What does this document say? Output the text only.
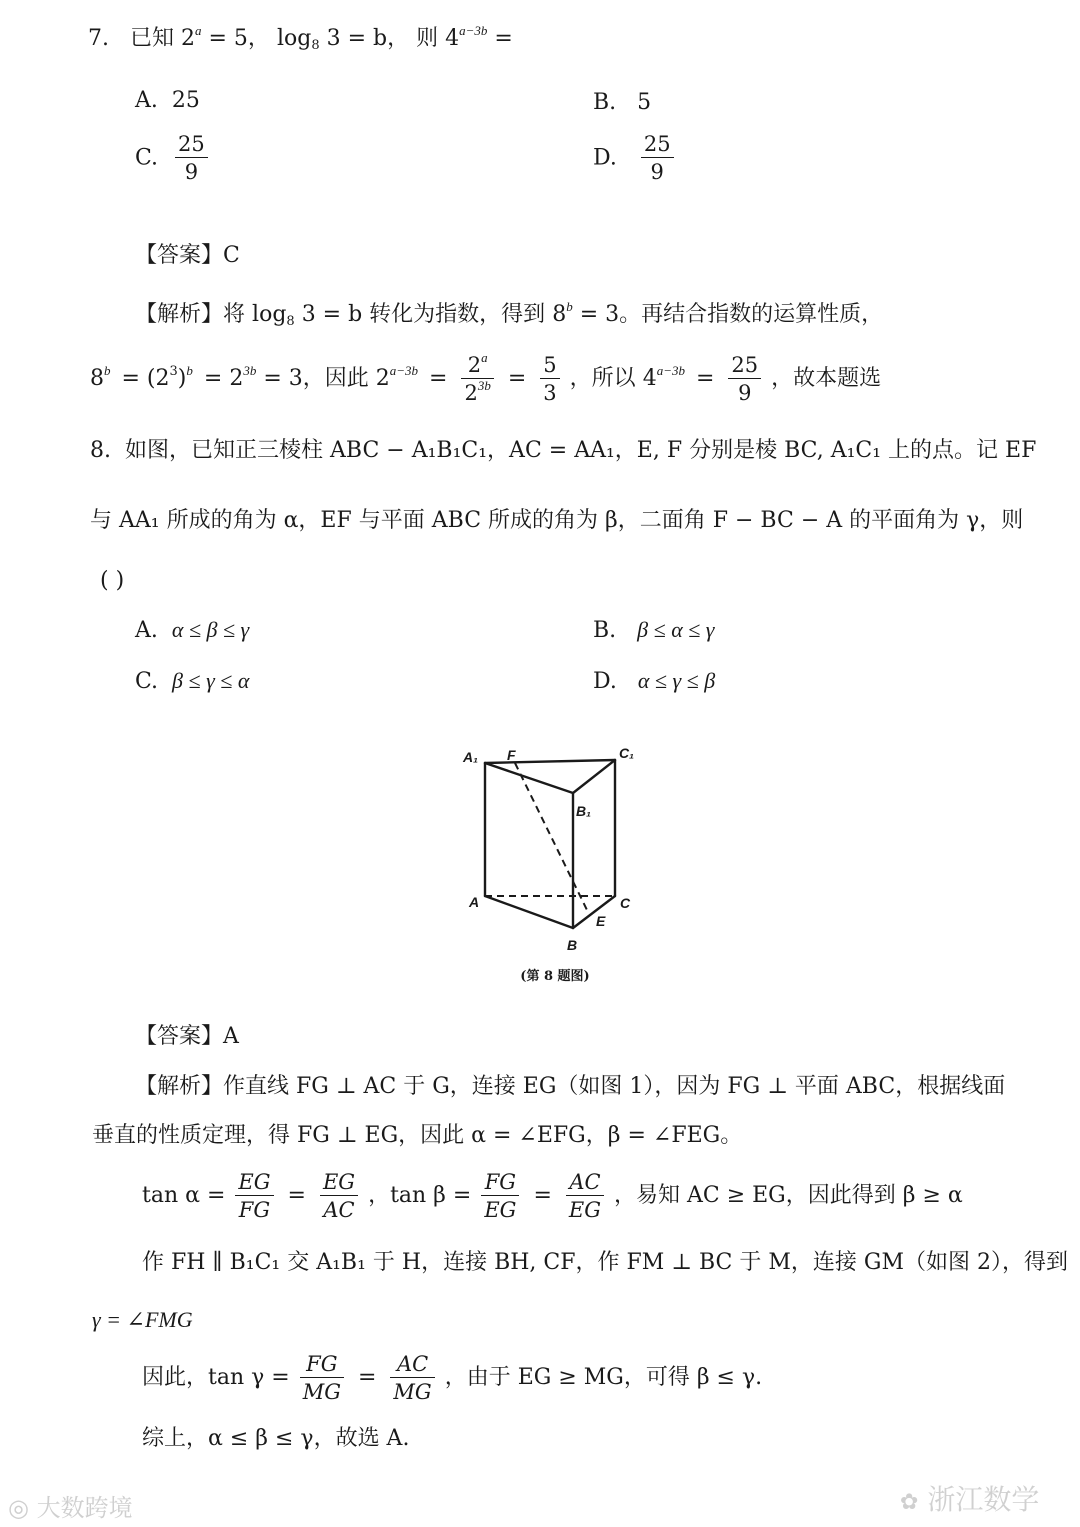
7. 已知 $2^a = 5$， $\log_8 3 = b$， 则 $4^{a-3b}$ =
A. 25	B. 5
C. $\frac{25}{9}$	D. $\frac{25}{9}$
【答案】C
【解析】将 $\log_8 3 = b$ 转化为指数，得到 $8^b = 3$。再结合指数的运算性质，
$8^b = (2^3)^b = 2^{3b} = 3$，因此 $2^{a-3b} = \frac{2^a}{2^{3b}} = \frac{5}{3}$ ，所以 $4^{a-3b} = \frac{25}{9}$ ，故本题选
8. 如图，已知正三棱柱 ABC − A₁B₁C₁，AC = AA₁，E, F 分别是棱 BC, A₁C₁ 上的点。记 EF
与 AA₁ 所成的角为 α，EF 与平面 ABC 所成的角为 β，二面角 F − BC − A 的平面角为 γ，则
( )
A. α ≤ β ≤ γ	B. β ≤ α ≤ γ
C. β ≤ γ ≤ α	D. α ≤ γ ≤ β
A₁ F	C₁
B₁
A	C
E
B
(第 8 题图)
【答案】A
【解析】作直线 FG ⊥ AC 于 G，连接 EG（如图 1），因为 FG ⊥ 平面 ABC，根据线面
垂直的性质定理，得 FG ⊥ EG，因此 α = ∠EFG，β = ∠FEG。
$\tan \alpha = \frac{EG}{FG} = \frac{EG}{AC}$ ，$\tan \beta = \frac{FG}{EG} = \frac{AC}{EG}$ ，易知 AC ≥ EG，因此得到 β ≥ α
作 FH ∥ B₁C₁ 交 A₁B₁ 于 H，连接 BH, CF，作 FM ⊥ BC 于 M，连接 GM（如图 2），得到
γ = ∠FMG
因此，$\tan \gamma = \frac{FG}{MG} = \frac{AC}{MG}$ ，由于 EG ≥ MG，可得 β ≤ γ.
综上，α ≤ β ≤ γ，故选 A.
◎ 大数跨境	✿ 浙江数学
